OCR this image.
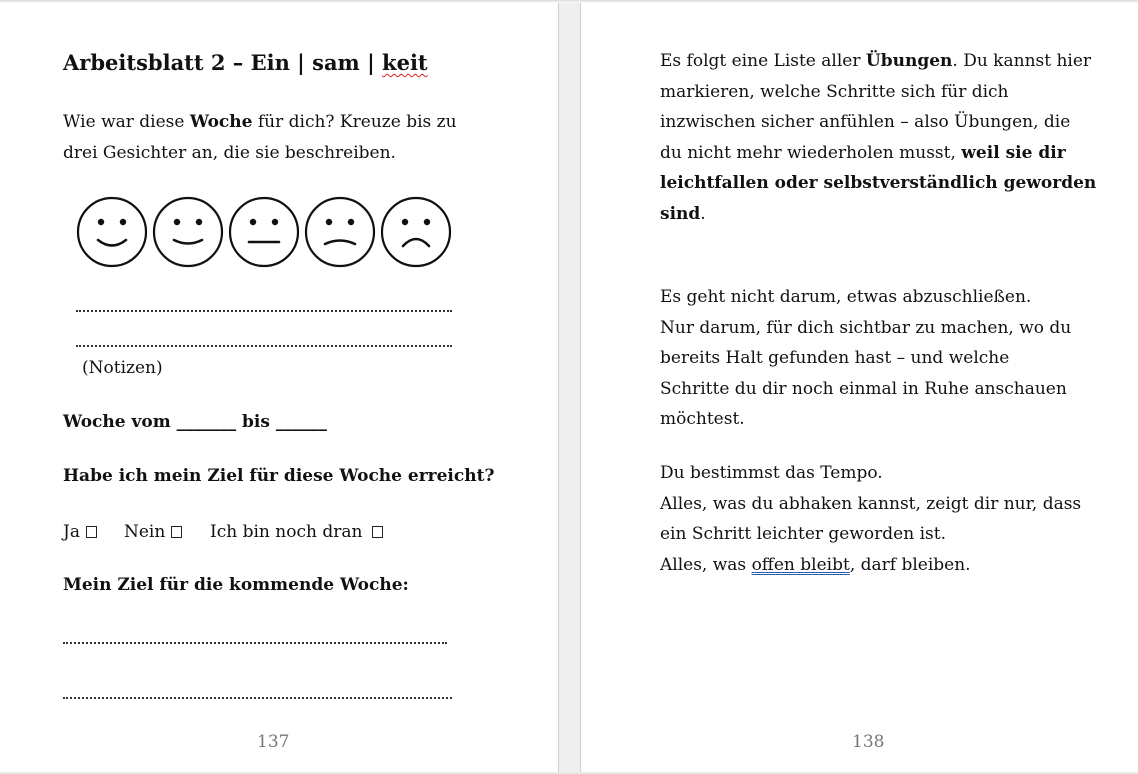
Arbeitsblatt 2 – Ein | sam | keit
Wie war diese Woche für dich? Kreuze bis zu
drei Gesichter an, die sie beschreiben.
(Notizen)
Woche vom _______ bis ______
Habe ich mein Ziel für diese Woche erreicht?
Ja	Nein	Ich bin noch dran
Mein Ziel für die kommende Woche:
137	138
Es folgt eine Liste aller Übungen. Du kannst hier
markieren, welche Schritte sich für dich
inzwischen sicher anfühlen – also Übungen, die
du nicht mehr wiederholen musst, weil sie dir
leichtfallen oder selbstverständlich geworden
sind.
Es geht nicht darum, etwas abzuschließen.
Nur darum, für dich sichtbar zu machen, wo du
bereits Halt gefunden hast – und welche
Schritte du dir noch einmal in Ruhe anschauen
möchtest.
Du bestimmst das Tempo.
Alles, was du abhaken kannst, zeigt dir nur, dass
ein Schritt leichter geworden ist.
Alles, was offen bleibt, darf bleiben.
